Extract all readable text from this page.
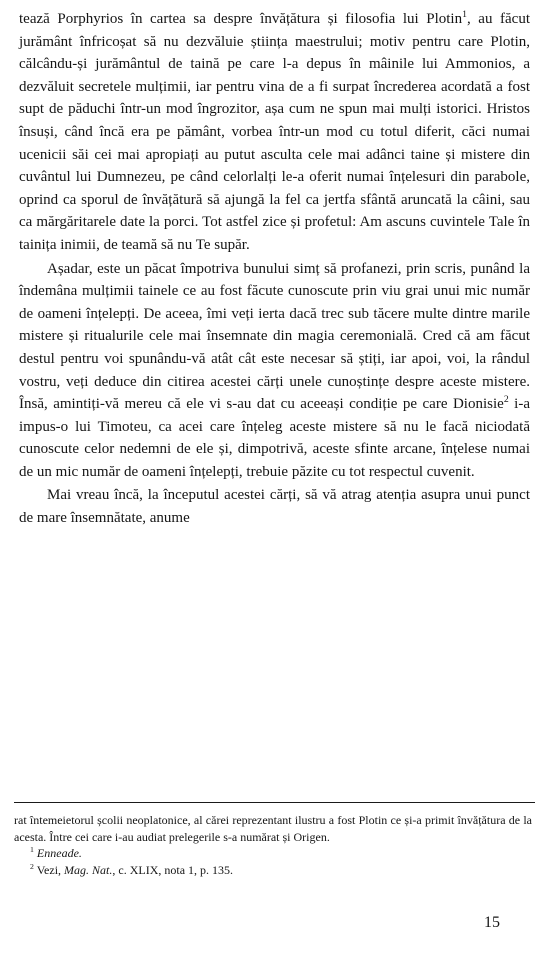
tează Porphyrios în cartea sa despre învățătura și filosofia lui Plotin$^1$, au făcut jurământ înfricoșat să nu dezvăluie știința maestrului; motiv pentru care Plotin, călcându-și jurământul de taină pe care l-a depus în mâinile lui Ammonios, a dezvăluit secretele mulțimii, iar pentru vina de a fi surpat încrederea acordată a fost supt de păduchi într-un mod îngrozitor, așa cum ne spun mai mulți istorici. Hristos însuși, când încă era pe pământ, vorbea într-un mod cu totul diferit, căci numai ucenicii săi cei mai apropiați au putut asculta cele mai adânci taine și mistere din cuvântul lui Dumnezeu, pe când celorlalți le-a oferit numai înțelesuri din parabole, oprind ca sporul de învățătură să ajungă la fel ca jertfa sfântă aruncată la câini, sau ca mărgăritarele date la porci. Tot astfel zice și profetul: Am ascuns cuvintele Tale în tainița inimii, de teamă să nu Te supăr.

Așadar, este un păcat împotriva bunului simț să profanezi, prin scris, punând la îndemâna mulțimii tainele ce au fost făcute cunoscute prin viu grai unui mic număr de oameni înțelepți. De aceea, îmi veți ierta dacă trec sub tăcere multe dintre marile mistere și ritualurile cele mai însemnate din magia ceremonială. Cred că am făcut destul pentru voi spunându-vă atât cât este necesar să știți, iar apoi, voi, la rândul vostru, veți deduce din citirea acestei cărți unele cunoștințe despre aceste mistere. Însă, amintiți-vă mereu că ele vi s-au dat cu aceeași condiție pe care Dionisie$^2$ i-a impus-o lui Timoteu, ca acei care înțeleg aceste mistere să nu le facă niciodată cunoscute celor nedemni de ele și, dimpotrivă, aceste sfinte arcane, înțelese numai de un mic număr de oameni înțelepți, trebuie păzite cu tot respectul cuvenit.

Mai vreau încă, la începutul acestei cărți, să vă atrag atenția asupra unui punct de mare însemnătate, anume

rat întemeietorul școlii neoplatonice, al cărei reprezentant ilustru a fost Plotin ce și-a primit învățătura de la acesta. Între cei care i-au audiat prelegerile s-a numărat și Origen.

$^1$ Enneade.

$^2$ Vezi, Mag. Nat., c. XLIX, nota 1, p. 135.

15
